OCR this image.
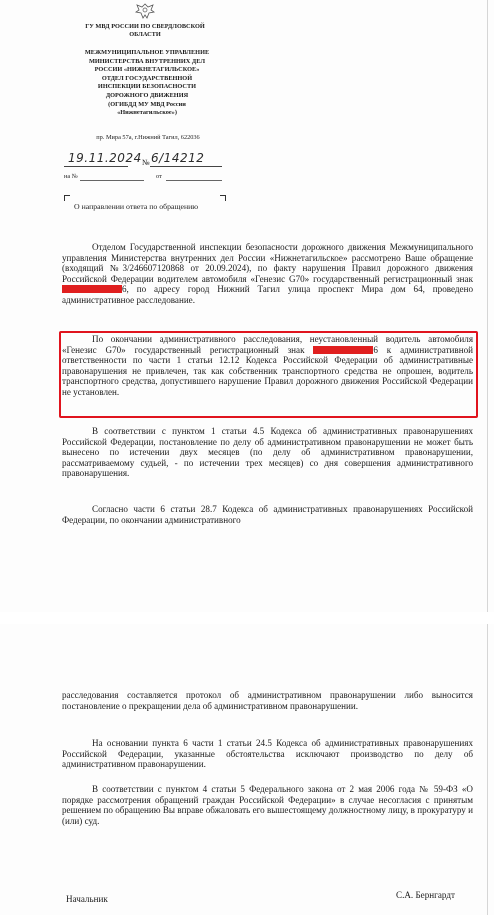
ГУ МВД РОССИИ ПО СВЕРДЛОВСКОЙ
ОБЛАСТИ
МЕЖМУНИЦИПАЛЬНОЕ УПРАВЛЕНИЕ
МИНИСТЕРСТВА ВНУТРЕННИХ ДЕЛ
РОССИИ «НИЖНЕТАГИЛЬСКОЕ»
ОТДЕЛ ГОСУДАРСТВЕННОЙ
ИНСПЕКЦИИ БЕЗОПАСНОСТИ
ДОРОЖНОГО ДВИЖЕНИЯ
(ОГИБДД МУ МВД России
«Нижнетагильское»)
пр. Мира 57а, г.Нижний Тагил, 622036
19.11.2024 № 6/14212
на №	от
О направлении ответа по обращению

Отделом Государственной инспекции безопасности дорожного движения Межмуниципального управления Министерства внутренних дел России «Нижнетагильское» рассмотрено Ваше обращение (входящий №3/246607120868 от 20.09.2024), по факту нарушения Правил дорожного движения Российской Федерации водителем автомобиля «Генезис G70» государственный регистрационный знак 6, по адресу город Нижний Тагил улица проспект Мира дом 64, проведено административное расследование.

По окончании административного расследования, неустановленный водитель автомобиля «Генезис G70» государственный регистрационный знак	6 к административной ответственности по части 1 статьи 12.12 Кодекса Российской Федерации об административные правонарушения не привлечен, так как собственник транспортного средства не опрошен, водитель транспортного средства, допустившего нарушение Правил дорожного движения Российской Федерации не установлен.

В соответствии с пунктом 1 статьи 4.5 Кодекса об административных правонарушениях Российской Федерации, постановление по делу об административном правонарушении не может быть вынесено по истечении двух месяцев (по делу об административном правонарушении, рассматриваемому судьей, - по истечении трех месяцев) со дня совершения административного правонарушения.

Согласно части 6 статьи 28.7 Кодекса об административных правонарушениях Российской Федерации, по окончании административного

расследования составляется протокол об административном правонарушении либо выносится постановление о прекращении дела об административном правонарушении.

На основании пункта 6 части 1 статьи 24.5 Кодекса об административных правонарушениях Российской Федерации, указанные обстоятельства исключают производство по делу об административном правонарушении.

В соответствии с пунктом 4 статьи 5 Федерального закона от 2 мая 2006 года № 59-ФЗ «О порядке рассмотрения обращений граждан Российской Федерации» в случае несогласия с принятым решением по обращению Вы вправе обжаловать его вышестоящему должностному лицу, в прокуратуру и (или) суд.

Начальник	С.А. Бернгардт
